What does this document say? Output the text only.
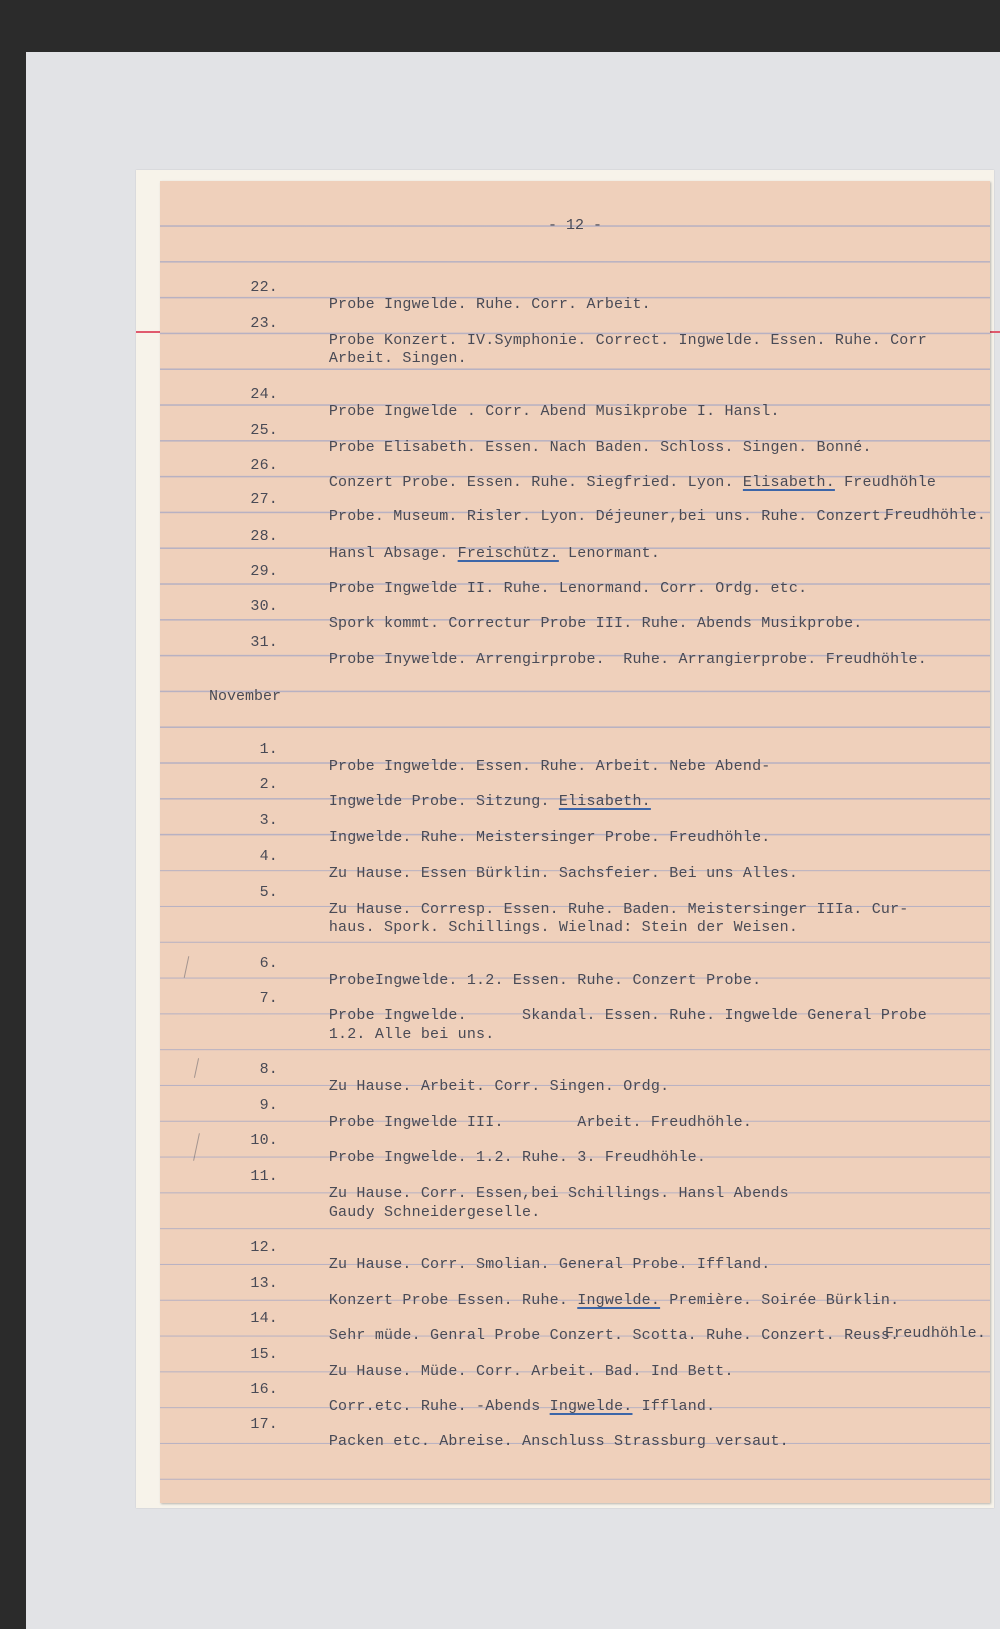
- 12 -

22.

Probe Ingwelde. Ruhe. Corr. Arbeit.

23.

Probe Konzert. IV.Symphonie. Correct. Ingwelde. Essen. Ruhe. Corr

Arbeit. Singen.

24.

Probe Ingwelde . Corr. Abend Musikprobe I. Hansl.

25.

Probe Elisabeth. Essen. Nach Baden. Schloss. Singen. Bonné.

26.

Conzert Probe. Essen. Ruhe. Siegfried. Lyon. Elisabeth. Freudhöhle

27.

Probe. Museum. Risler. Lyon. Déjeuner,bei uns. Ruhe. Conzert.

Freudhöhle.

28.

Hansl Absage. Freischütz. Lenormant.

29.

Probe Ingwelde II. Ruhe. Lenormand. Corr. Ordg. etc.

30.

Spork kommt. Correctur Probe III. Ruhe. Abends Musikprobe.

31.

Probe Inywelde. Arrengirprobe.  Ruhe. Arrangierprobe. Freudhöhle.

November

1.

Probe Ingwelde. Essen. Ruhe. Arbeit. Nebe Abend-

2.

Ingwelde Probe. Sitzung. Elisabeth.

3.

Ingwelde. Ruhe. Meistersinger Probe. Freudhöhle.

4.

Zu Hause. Essen Bürklin. Sachsfeier. Bei uns Alles.

5.

Zu Hause. Corresp. Essen. Ruhe. Baden. Meistersinger IIIa. Cur-

haus. Spork. Schillings. Wielnad: Stein der Weisen.

6.

ProbeIngwelde. 1.2. Essen. Ruhe. Conzert Probe.

7.

Probe Ingwelde.      Skandal. Essen. Ruhe. Ingwelde General Probe

1.2. Alle bei uns.

8.

Zu Hause. Arbeit. Corr. Singen. Ordg.

9.

Probe Ingwelde III.        Arbeit. Freudhöhle.

10.

Probe Ingwelde. 1.2. Ruhe. 3. Freudhöhle.

11.

Zu Hause. Corr. Essen,bei Schillings. Hansl Abends

Gaudy Schneidergeselle.

12.

Zu Hause. Corr. Smolian. General Probe. Iffland.

13.

Konzert Probe Essen. Ruhe. Ingwelde. Première. Soirée Bürklin.

14.

Sehr müde. Genral Probe Conzert. Scotta. Ruhe. Conzert. Reuss.

Freudhöhle.

15.

Zu Hause. Müde. Corr. Arbeit. Bad. Ind Bett.

16.

Corr.etc. Ruhe. -Abends Ingwelde. Iffland.

17.

Packen etc. Abreise. Anschluss Strassburg versaut.
